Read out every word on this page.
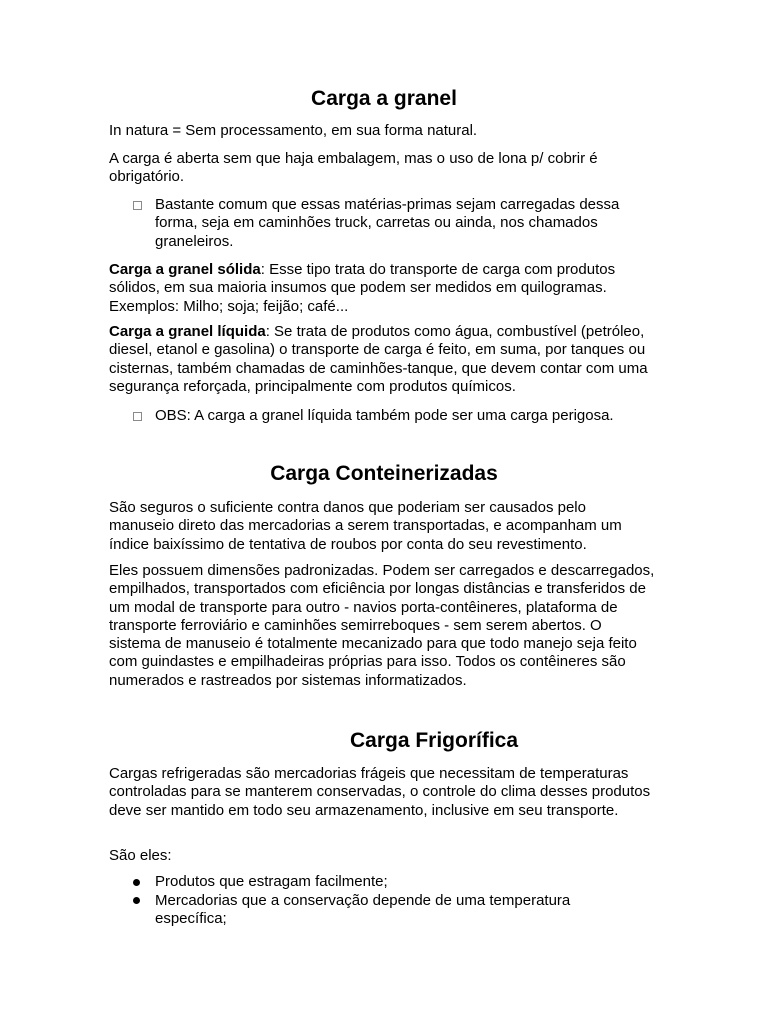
Carga a granel

In natura = Sem processamento, em sua forma natural.

A carga é aberta sem que haja embalagem, mas o uso de lona p/ cobrir é obrigatório.

Bastante comum que essas matérias-primas sejam carregadas dessa forma, seja em caminhões truck, carretas ou ainda, nos chamados graneleiros.

Carga a granel sólida: Esse tipo trata do transporte de carga com produtos sólidos, em sua maioria insumos que podem ser medidos em quilogramas. Exemplos: Milho; soja; feijão; café...

Carga a granel líquida: Se trata de produtos como água, combustível (petróleo, diesel, etanol e gasolina) o transporte de carga é feito, em suma, por tanques ou cisternas, também chamadas de caminhões-tanque, que devem contar com uma segurança reforçada, principalmente com produtos químicos.

OBS: A carga a granel líquida também pode ser uma carga perigosa.

Carga Conteinerizadas

São seguros o suficiente contra danos que poderiam ser causados pelo manuseio direto das mercadorias a serem transportadas, e acompanham um índice baixíssimo de tentativa de roubos por conta do seu revestimento.

Eles possuem dimensões padronizadas. Podem ser carregados e descarregados, empilhados, transportados com eficiência por longas distâncias e transferidos de um modal de transporte para outro - navios porta-contêineres, plataforma de transporte ferroviário e caminhões semirreboques - sem serem abertos. O sistema de manuseio é totalmente mecanizado para que todo manejo seja feito com guindastes e empilhadeiras próprias para isso. Todos os contêineres são numerados e rastreados por sistemas informatizados.

Carga Frigorífica

Cargas refrigeradas são mercadorias frágeis que necessitam de temperaturas controladas para se manterem conservadas, o controle do clima desses produtos deve ser mantido em todo seu armazenamento, inclusive em seu transporte.

São eles:

Produtos que estragam facilmente;

Mercadorias que a conservação depende de uma temperatura específica;
